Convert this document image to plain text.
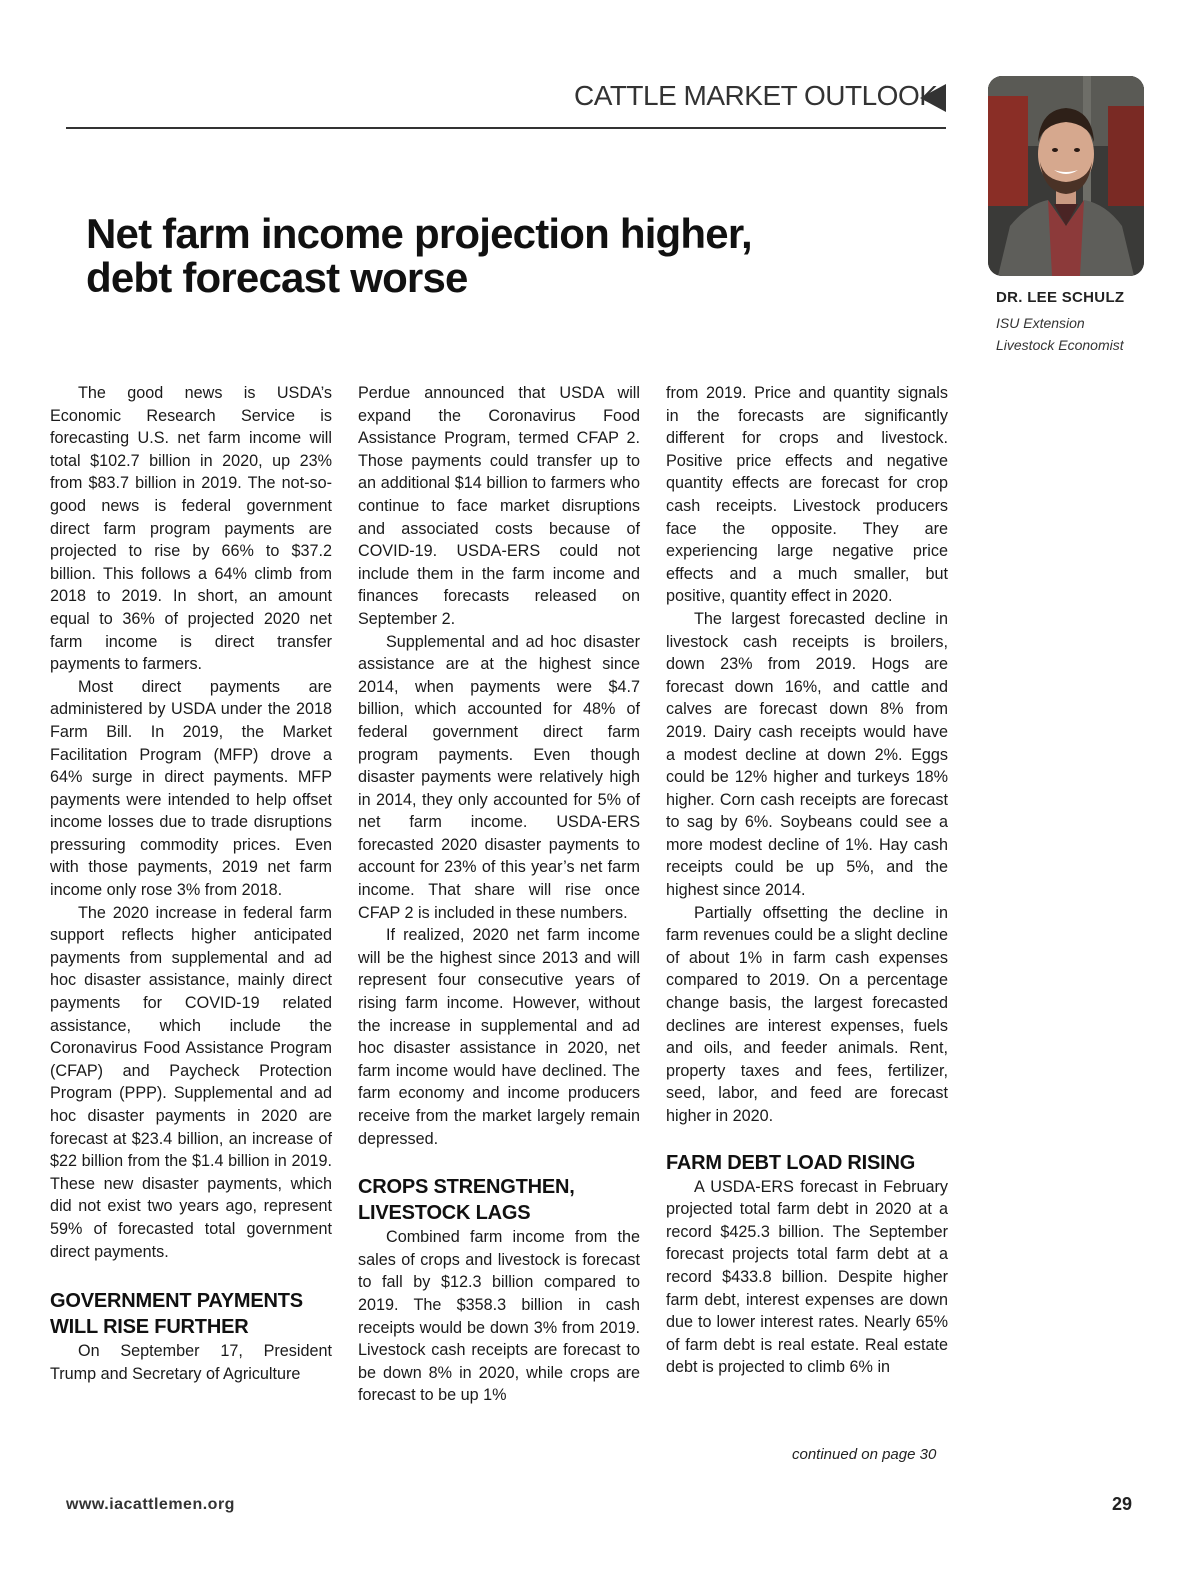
CATTLE MARKET OUTLOOK
DR. LEE SCHULZ
ISU Extension Livestock Economist
Net farm income projection higher,
debt forecast worse

The good news is USDA’s Economic Research Service is forecasting U.S. net farm income will total $102.7 billion in 2020, up 23% from $83.7 billion in 2019. The not-so-good news is federal government direct farm program payments are projected to rise by 66% to $37.2 billion. This follows a 64% climb from 2018 to 2019. In short, an amount equal to 36% of projected 2020 net farm income is direct transfer payments to farmers.

Most direct payments are administered by USDA under the 2018 Farm Bill. In 2019, the Market Facilitation Program (MFP) drove a 64% surge in direct payments. MFP payments were intended to help offset income losses due to trade disruptions pressuring commodity prices. Even with those payments, 2019 net farm income only rose 3% from 2018.

The 2020 increase in federal farm support reflects higher anticipated payments from supplemental and ad hoc disaster assistance, mainly direct payments for COVID-19 related assistance, which include the Coronavirus Food Assistance Program (CFAP) and Paycheck Protection Program (PPP). Supplemental and ad hoc disaster payments in 2020 are forecast at $23.4 billion, an increase of $22 billion from the $1.4 billion in 2019. These new disaster payments, which did not exist two years ago, represent 59% of forecasted total government direct payments.

GOVERNMENT PAYMENTS
WILL RISE FURTHER

On September 17, President Trump and Secretary of Agriculture

Perdue announced that USDA will expand the Coronavirus Food Assistance Program, termed CFAP 2. Those payments could transfer up to an additional $14 billion to farmers who continue to face market disruptions and associated costs because of COVID-19. USDA-ERS could not include them in the farm income and finances forecasts released on September 2.

Supplemental and ad hoc disaster assistance are at the highest since 2014, when payments were $4.7 billion, which accounted for 48% of federal government direct farm program payments. Even though disaster payments were relatively high in 2014, they only accounted for 5% of net farm income. USDA-ERS forecasted 2020 disaster payments to account for 23% of this year’s net farm income. That share will rise once CFAP 2 is included in these numbers.

If realized, 2020 net farm income will be the highest since 2013 and will represent four consecutive years of rising farm income. However, without the increase in supplemental and ad hoc disaster assistance in 2020, net farm income would have declined. The farm economy and income producers receive from the market largely remain depressed.

CROPS STRENGTHEN,
LIVESTOCK LAGS

Combined farm income from the sales of crops and livestock is forecast to fall by $12.3 billion compared to 2019. The $358.3 billion in cash receipts would be down 3% from 2019. Livestock cash receipts are forecast to be down 8% in 2020, while crops are forecast to be up 1%

from 2019. Price and quantity signals in the forecasts are significantly different for crops and livestock. Positive price effects and negative quantity effects are forecast for crop cash receipts. Livestock producers face the opposite. They are experiencing large negative price effects and a much smaller, but positive, quantity effect in 2020.

The largest forecasted decline in livestock cash receipts is broilers, down 23% from 2019. Hogs are forecast down 16%, and cattle and calves are forecast down 8% from 2019. Dairy cash receipts would have a modest decline at down 2%. Eggs could be 12% higher and turkeys 18% higher. Corn cash receipts are forecast to sag by 6%. Soybeans could see a more modest decline of 1%. Hay cash receipts could be up 5%, and the highest since 2014.

Partially offsetting the decline in farm revenues could be a slight decline of about 1% in farm cash expenses compared to 2019. On a percentage change basis, the largest forecasted declines are interest expenses, fuels and oils, and feeder animals. Rent, property taxes and fees, fertilizer, seed, labor, and feed are forecast higher in 2020.

FARM DEBT LOAD RISING

A USDA-ERS forecast in February projected total farm debt in 2020 at a record $425.3 billion. The September forecast projects total farm debt at a record $433.8 billion. Despite higher farm debt, interest expenses are down due to lower interest rates. Nearly 65% of farm debt is real estate. Real estate debt is projected to climb 6% in

continued on page 30
www.iacattlemen.org	29
